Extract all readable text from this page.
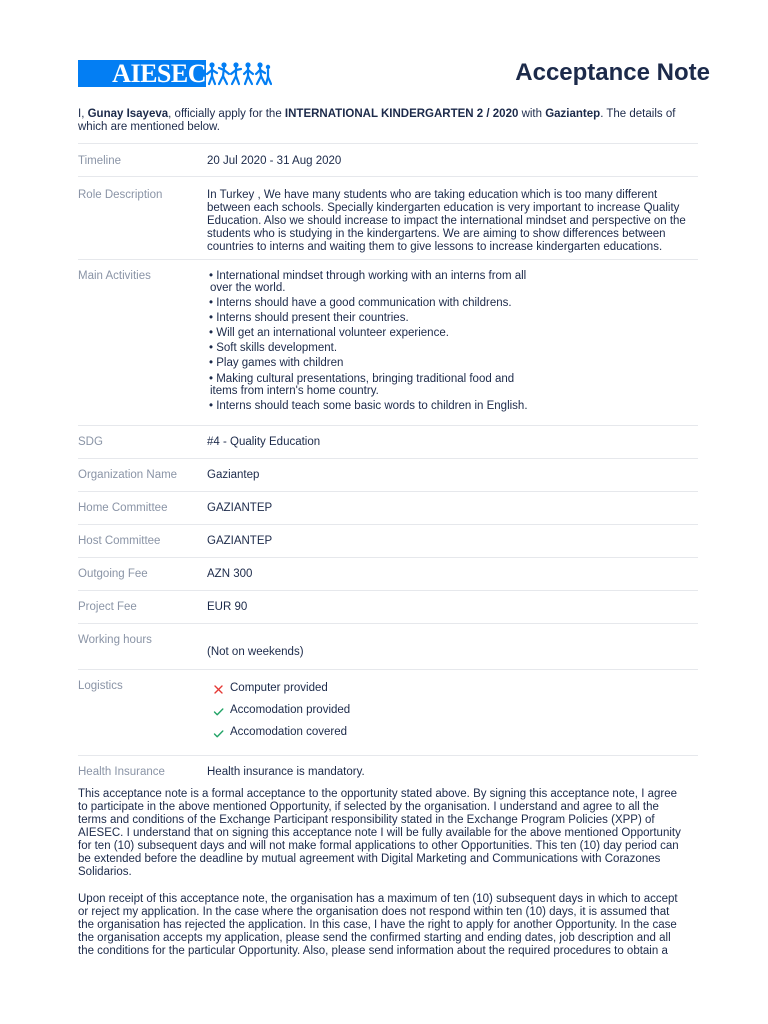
AIESEC	Acceptance Note
I, Gunay Isayeva, officially apply for the INTERNATIONAL KINDERGARTEN 2 / 2020 with Gaziantep. The details of
which are mentioned below.
Timeline	20 Jul 2020 - 31 Aug 2020
Role Description	In Turkey , We have many students who are taking education which is too many different
between each schools. Specially kindergarten education is very important to increase Quality
Education. Also we should increase to impact the international mindset and perspective on the
students who is studying in the kindergartens. We are aiming to show differences between
countries to interns and waiting them to give lessons to increase kindergarten educations.
Main Activities	• International mindset through working with an interns from all
over the world.
• Interns should have a good communication with childrens.
• Interns should present their countries.
• Will get an international volunteer experience.
• Soft skills development.
• Play games with children
• Making cultural presentations, bringing traditional food and
items from intern's home country.
• Interns should teach some basic words to children in English.
SDG	#4 - Quality Education
Organization Name	Gaziantep
Home Committee	GAZIANTEP
Host Committee	GAZIANTEP
Outgoing Fee	AZN 300
Project Fee	EUR 90
Working hours
(Not on weekends)
Logistics	Computer provided
Accomodation provided
Accomodation covered
Health Insurance	Health insurance is mandatory.
This acceptance note is a formal acceptance to the opportunity stated above. By signing this acceptance note, I agree
to participate in the above mentioned Opportunity, if selected by the organisation. I understand and agree to all the
terms and conditions of the Exchange Participant responsibility stated in the Exchange Program Policies (XPP) of
AIESEC. I understand that on signing this acceptance note I will be fully available for the above mentioned Opportunity
for ten (10) subsequent days and will not make formal applications to other Opportunities. This ten (10) day period can
be extended before the deadline by mutual agreement with Digital Marketing and Communications with Corazones
Solidarios.
Upon receipt of this acceptance note, the organisation has a maximum of ten (10) subsequent days in which to accept
or reject my application. In the case where the organisation does not respond within ten (10) days, it is assumed that
the organisation has rejected the application. In this case, I have the right to apply for another Opportunity. In the case
the organisation accepts my application, please send the confirmed starting and ending dates, job description and all
the conditions for the particular Opportunity. Also, please send information about the required procedures to obtain a
